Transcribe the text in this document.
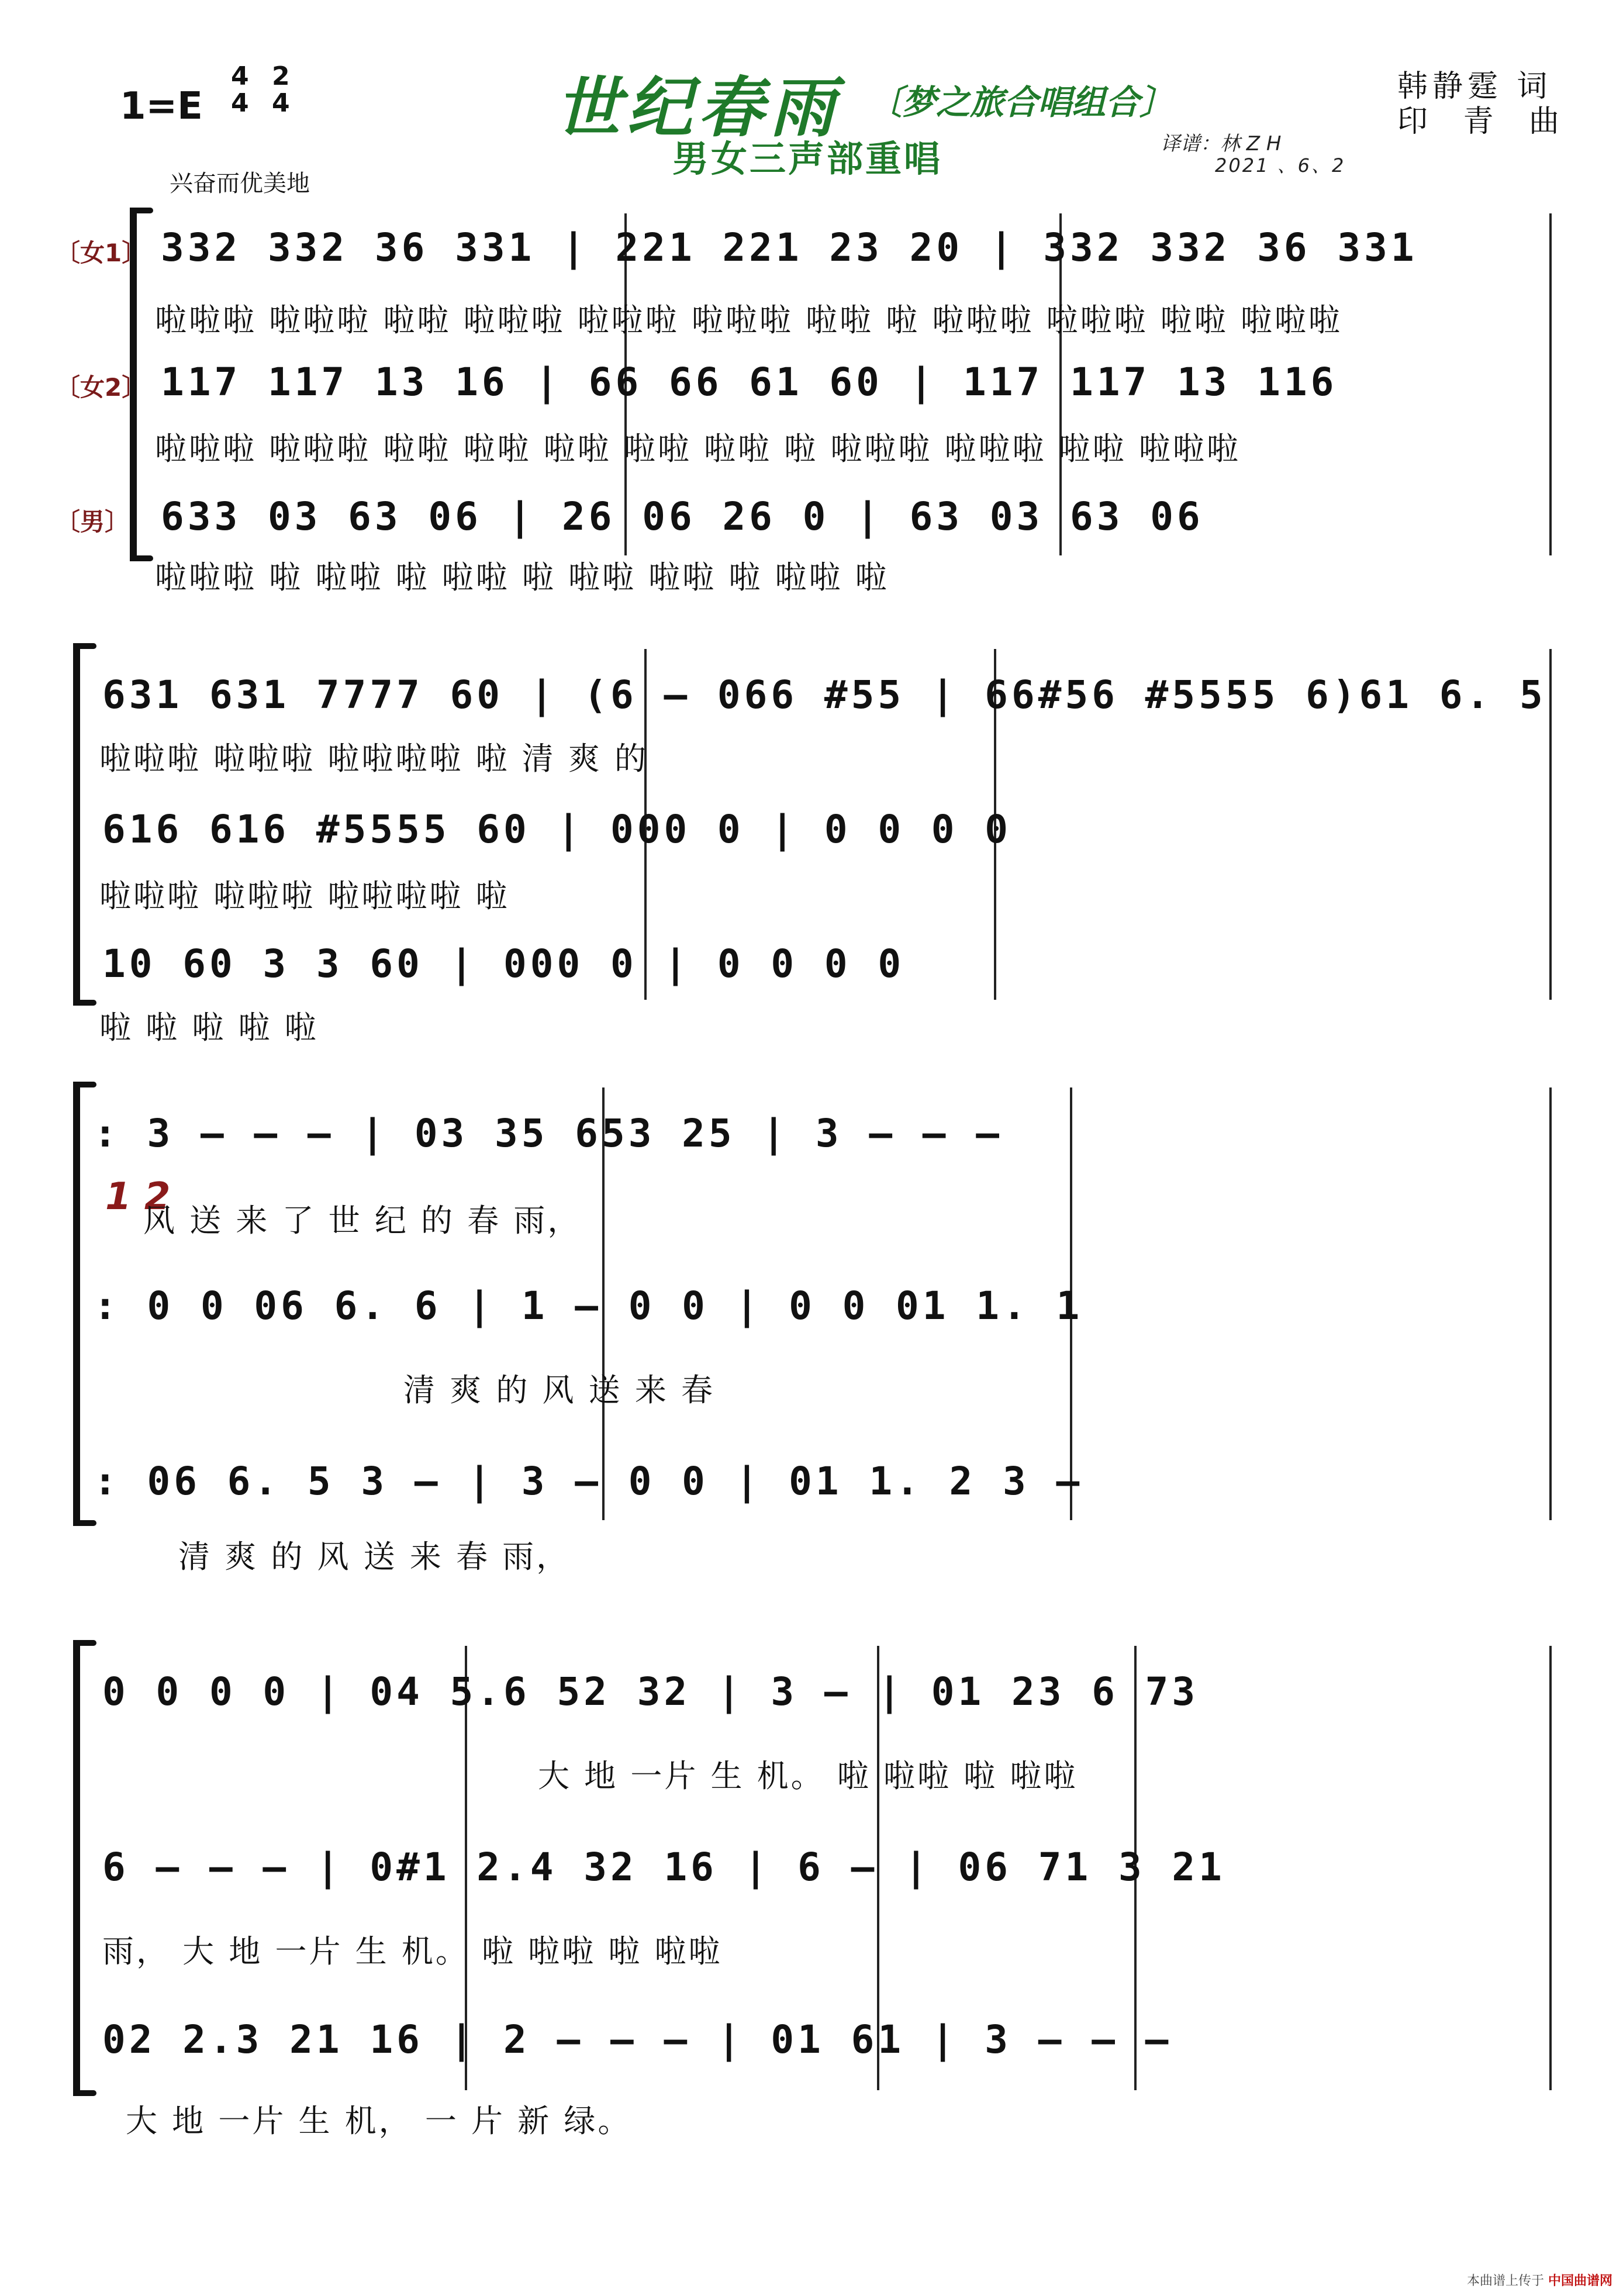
1=E
4
4
2
4	世纪春雨 〔梦之旅合唱组合〕
男女三声部重唱	译谱：林 Z H
2021 、6、2
韩静霆 词
印 青 曲
兴奋而优美地
〔女1〕
〔女2〕
〔男〕
332 332 36 331 | 221 221 23 20 | 332 332 36 331
啦啦啦 啦啦啦 啦啦 啦啦啦 啦啦啦 啦啦啦 啦啦 啦 啦啦啦 啦啦啦 啦啦 啦啦啦
117 117 13 16 | 66 66 61 60 | 117 117 13 116
啦啦啦 啦啦啦 啦啦 啦啦 啦啦 啦啦 啦啦 啦 啦啦啦 啦啦啦 啦啦 啦啦啦
633 03 63 06 | 26 06 26 0 | 63 03 63 06
啦啦啦 啦 啦啦 啦 啦啦 啦 啦啦 啦啦 啦 啦啦 啦
631 631 7777 60 | (6 – 066 #55 | 66#56 #5555 6)61 6. 5
啦啦啦 啦啦啦 啦啦啦啦 啦 清 爽 的
616 616 #5555 60 | 000 0 | 0 0 0 0
啦啦啦 啦啦啦 啦啦啦啦 啦
10 60 3 3 60 | 000 0 | 0 0 0 0
啦 啦 啦 啦 啦
: 3 – – – | 03 35 653 25 | 3 – – –
1 2
风 送 来 了 世 纪 的 春 雨，
: 0 0 06 6. 6 | 1 – 0 0 | 0 0 01 1. 1
清 爽 的 风 送 来 春
: 06 6. 5 3 – | 3 – 0 0 | 01 1. 2 3 –
清 爽 的 风 送 来 春 雨，
0 0 0 0 | 04 5.6 52 32 | 3 – | 01 23 6 73
大 地 一片 生 机。 啦 啦啦 啦 啦啦
6 – – – | 0#1 2.4 32 16 | 6 – | 06 71 3 21
雨， 大 地 一片 生 机。 啦 啦啦 啦 啦啦
02 2.3 21 16 | 2 – – – | 01 61 | 3 – – –
大 地 一片 生 机， 一 片 新 绿。
本曲谱上传于 中国曲谱网
